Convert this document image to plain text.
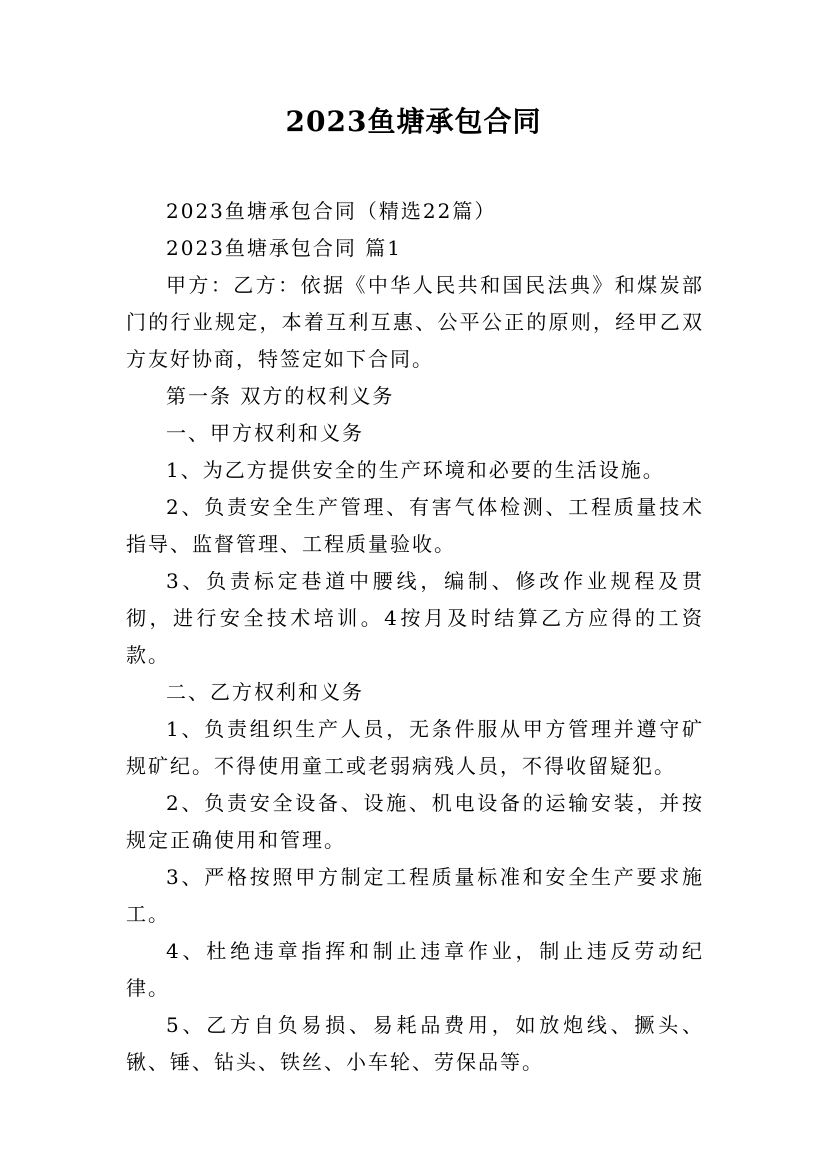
2023鱼塘承包合同

2023鱼塘承包合同（精选22篇）

2023鱼塘承包合同 篇1

甲方：乙方：依据《中华人民共和国民法典》和煤炭部门的行业规定，本着互利互惠、公平公正的原则，经甲乙双方友好协商，特签定如下合同。

第一条 双方的权利义务

一、甲方权利和义务

1、为乙方提供安全的生产环境和必要的生活设施。

2、负责安全生产管理、有害气体检测、工程质量技术指导、监督管理、工程质量验收。

3、负责标定巷道中腰线，编制、修改作业规程及贯彻，进行安全技术培训。4按月及时结算乙方应得的工资款。

二、乙方权利和义务

1、负责组织生产人员，无条件服从甲方管理并遵守矿规矿纪。不得使用童工或老弱病残人员，不得收留疑犯。

2、负责安全设备、设施、机电设备的运输安装，并按规定正确使用和管理。

3、严格按照甲方制定工程质量标准和安全生产要求施工。

4、杜绝违章指挥和制止违章作业，制止违反劳动纪律。

5、乙方自负易损、易耗品费用，如放炮线、撅头、锹、锤、钻头、铁丝、小车轮、劳保品等。
